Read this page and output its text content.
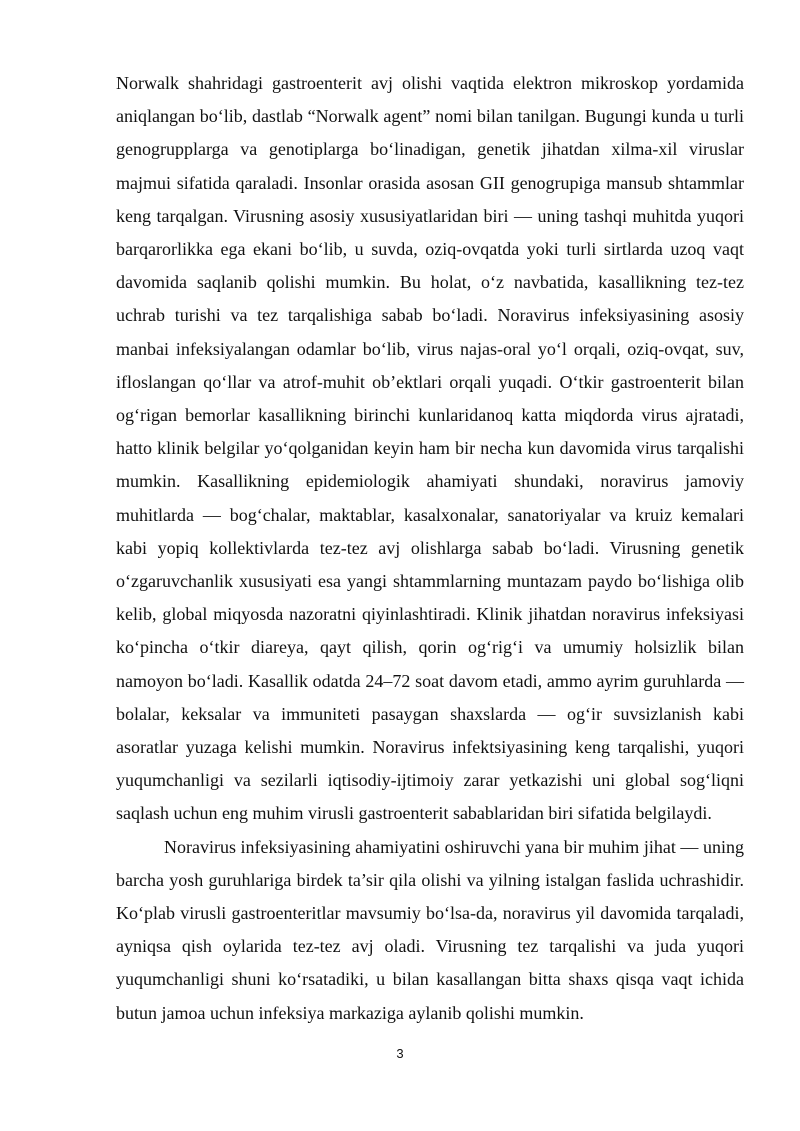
Norwalk shahridagi gastroenterit avj olishi vaqtida elektron mikroskop yordamida aniqlangan bo‘lib, dastlab “Norwalk agent” nomi bilan tanilgan. Bugungi kunda u turli genogrupplarga va genotiplarga bo‘linadigan, genetik jihatdan xilma-xil viruslar majmui sifatida qaraladi. Insonlar orasida asosan GII genogrupiga mansub shtammlar keng tarqalgan. Virusning asosiy xususiyatlaridan biri — uning tashqi muhitda yuqori barqarorlikka ega ekani bo‘lib, u suvda, oziq-ovqatda yoki turli sirtlarda uzoq vaqt davomida saqlanib qolishi mumkin. Bu holat, o‘z navbatida, kasallikning tez-tez uchrab turishi va tez tarqalishiga sabab bo‘ladi. Noravirus infeksiyasining asosiy manbai infeksiyalangan odamlar bo‘lib, virus najas-oral yo‘l orqali, oziq-ovqat, suv, ifloslangan qo‘llar va atrof-muhit ob’ektlari orqali yuqadi. O‘tkir gastroenterit bilan og‘rigan bemorlar kasallikning birinchi kunlaridanoq katta miqdorda virus ajratadi, hatto klinik belgilar yo‘qolganidan keyin ham bir necha kun davomida virus tarqalishi mumkin. Kasallikning epidemiologik ahamiyati shundaki, noravirus jamoviy muhitlarda — bog‘chalar, maktablar, kasalxonalar, sanatoriyalar va kruiz kemalari kabi yopiq kollektivlarda tez-tez avj olishlarga sabab bo‘ladi. Virusning genetik o‘zgaruvchanlik xususiyati esa yangi shtammlarning muntazam paydo bo‘lishiga olib kelib, global miqyosda nazoratni qiyinlashtiradi. Klinik jihatdan noravirus infeksiyasi ko‘pincha o‘tkir diareya, qayt qilish, qorin og‘rig‘i va umumiy holsizlik bilan namoyon bo‘ladi. Kasallik odatda 24–72 soat davom etadi, ammo ayrim guruhlarda — bolalar, keksalar va immuniteti pasaygan shaxslarda — og‘ir suvsizlanish kabi asoratlar yuzaga kelishi mumkin. Noravirus infektsiyasining keng tarqalishi, yuqori yuqumchanligi va sezilarli iqtisodiy-ijtimoiy zarar yetkazishi uni global sog‘liqni saqlash uchun eng muhim virusli gastroenterit sabablaridan biri sifatida belgilaydi.

Noravirus infeksiyasining ahamiyatini oshiruvchi yana bir muhim jihat — uning barcha yosh guruhlariga birdek ta’sir qila olishi va yilning istalgan faslida uchrashidir. Ko‘plab virusli gastroenteritlar mavsumiy bo‘lsa-da, noravirus yil davomida tarqaladi, ayniqsa qish oylarida tez-tez avj oladi. Virusning tez tarqalishi va juda yuqori yuqumchanligi shuni ko‘rsatadiki, u bilan kasallangan bitta shaxs qisqa vaqt ichida butun jamoa uchun infeksiya markaziga aylanib qolishi mumkin.

3
